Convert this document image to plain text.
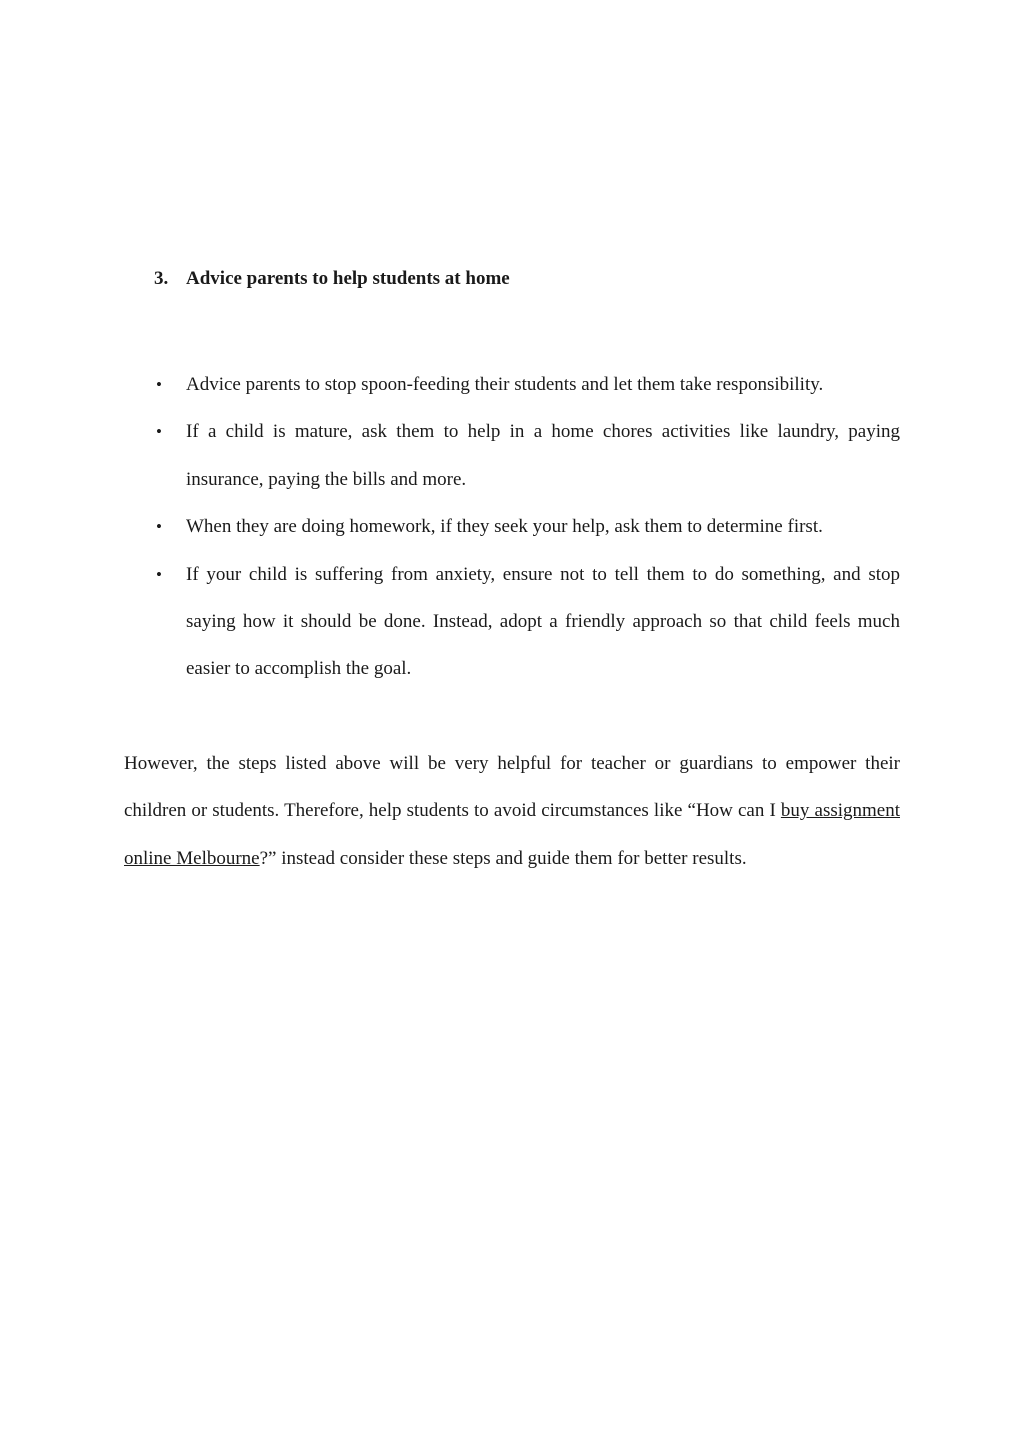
3. Advice parents to help students at home
• Advice parents to stop spoon-feeding their students and let them take responsibility.
• If a child is mature, ask them to help in a home chores activities like laundry, paying insurance, paying the bills and more.
• When they are doing homework, if they seek your help, ask them to determine first.
• If your child is suffering from anxiety, ensure not to tell them to do something, and stop saying how it should be done. Instead, adopt a friendly approach so that child feels much easier to accomplish the goal.

However, the steps listed above will be very helpful for teacher or guardians to empower their children or students. Therefore, help students to avoid circumstances like “How can I buy assignment online Melbourne?” instead consider these steps and guide them for better results.
